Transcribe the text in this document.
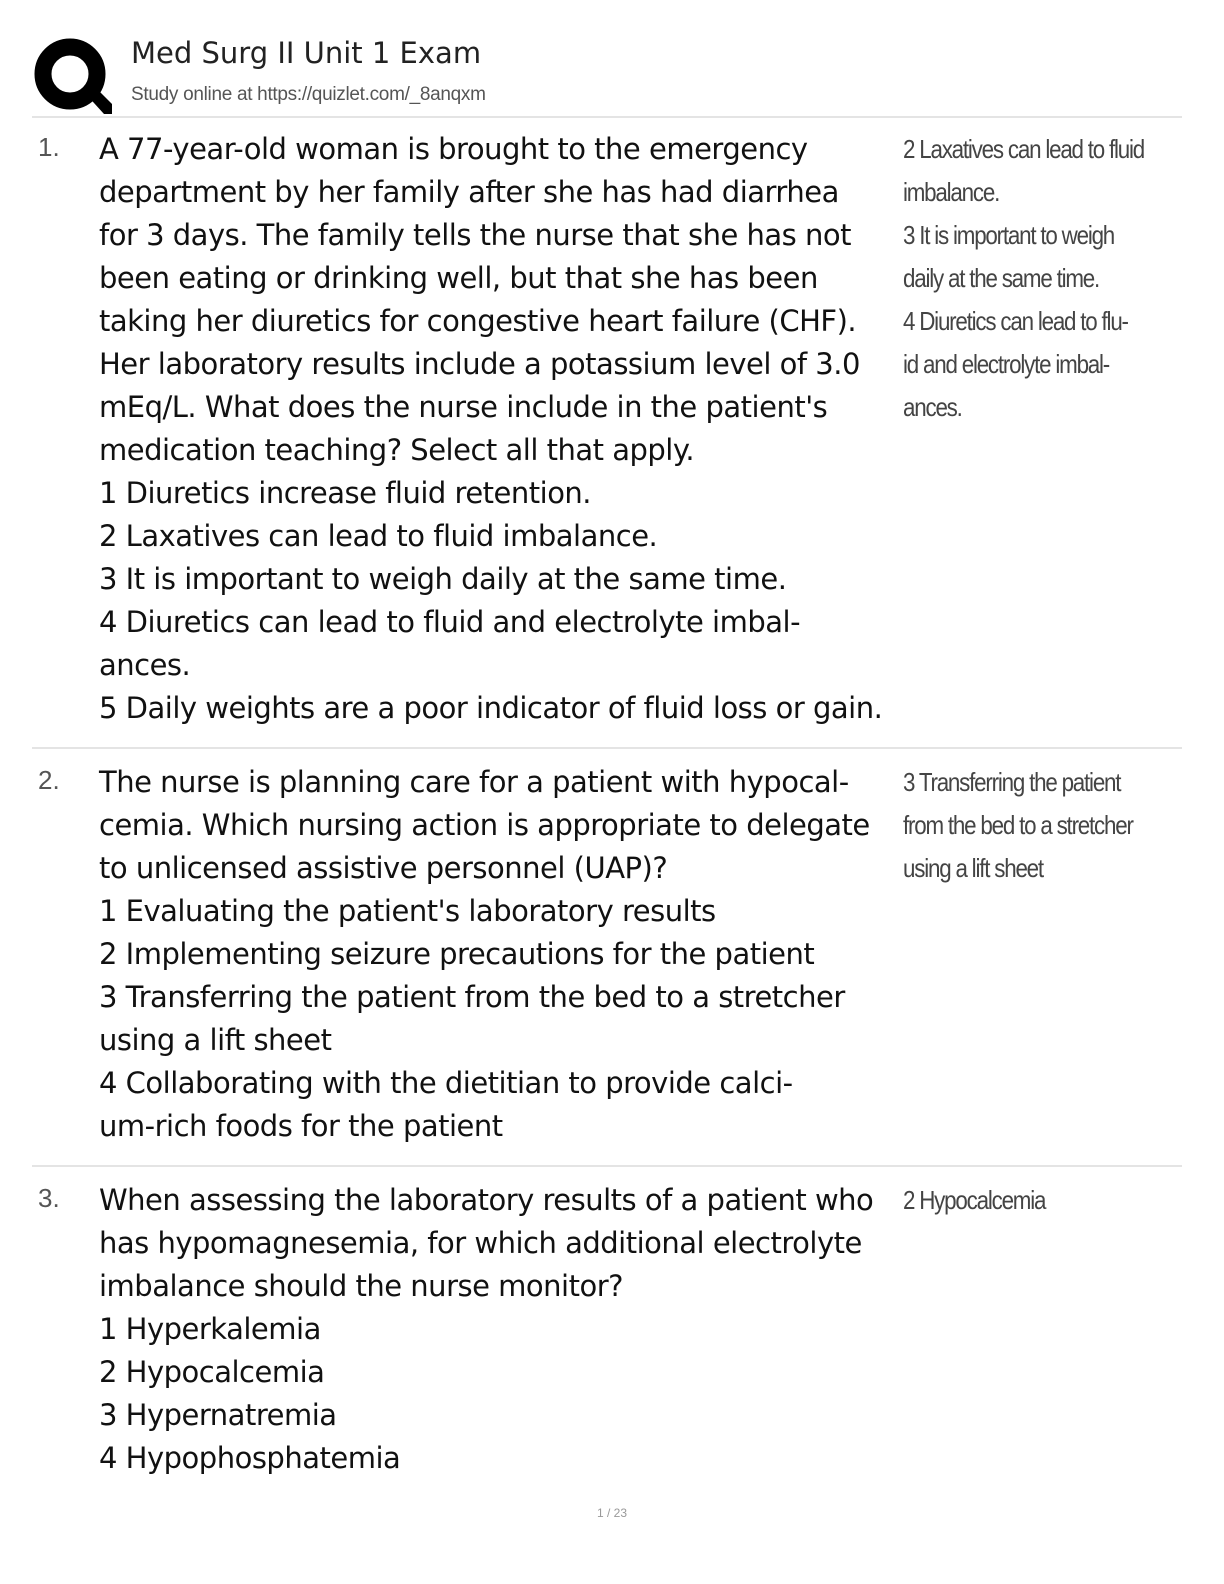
Med Surg II Unit 1 Exam
Study online at https://quizlet.com/_8anqxm
1. A 77-year-old woman is brought to the emergency
department by her family after she has had diarrhea
for 3 days. The family tells the nurse that she has not
been eating or drinking well, but that she has been
taking her diuretics for congestive heart failure (CHF).
Her laboratory results include a potassium level of 3.0
mEq/L. What does the nurse include in the patient's
medication teaching? Select all that apply.
1 Diuretics increase fluid retention.
2 Laxatives can lead to fluid imbalance.
3 It is important to weigh daily at the same time.
4 Diuretics can lead to fluid and electrolyte imbal-
ances.
5 Daily weights are a poor indicator of fluid loss or gain.
2 Laxatives can lead to fluid
imbalance.
3 It is important to weigh
daily at the same time.
4 Diuretics can lead to flu-
id and electrolyte imbal-
ances.
2. The nurse is planning care for a patient with hypocal-
cemia. Which nursing action is appropriate to delegate
to unlicensed assistive personnel (UAP)?
1 Evaluating the patient's laboratory results
2 Implementing seizure precautions for the patient
3 Transferring the patient from the bed to a stretcher
using a lift sheet
4 Collaborating with the dietitian to provide calci-
um-rich foods for the patient
3 Transferring the patient
from the bed to a stretcher
using a lift sheet
3. When assessing the laboratory results of a patient who
has hypomagnesemia, for which additional electrolyte
imbalance should the nurse monitor?
1 Hyperkalemia
2 Hypocalcemia
3 Hypernatremia
4 Hypophosphatemia
2 Hypocalcemia
1 / 23
